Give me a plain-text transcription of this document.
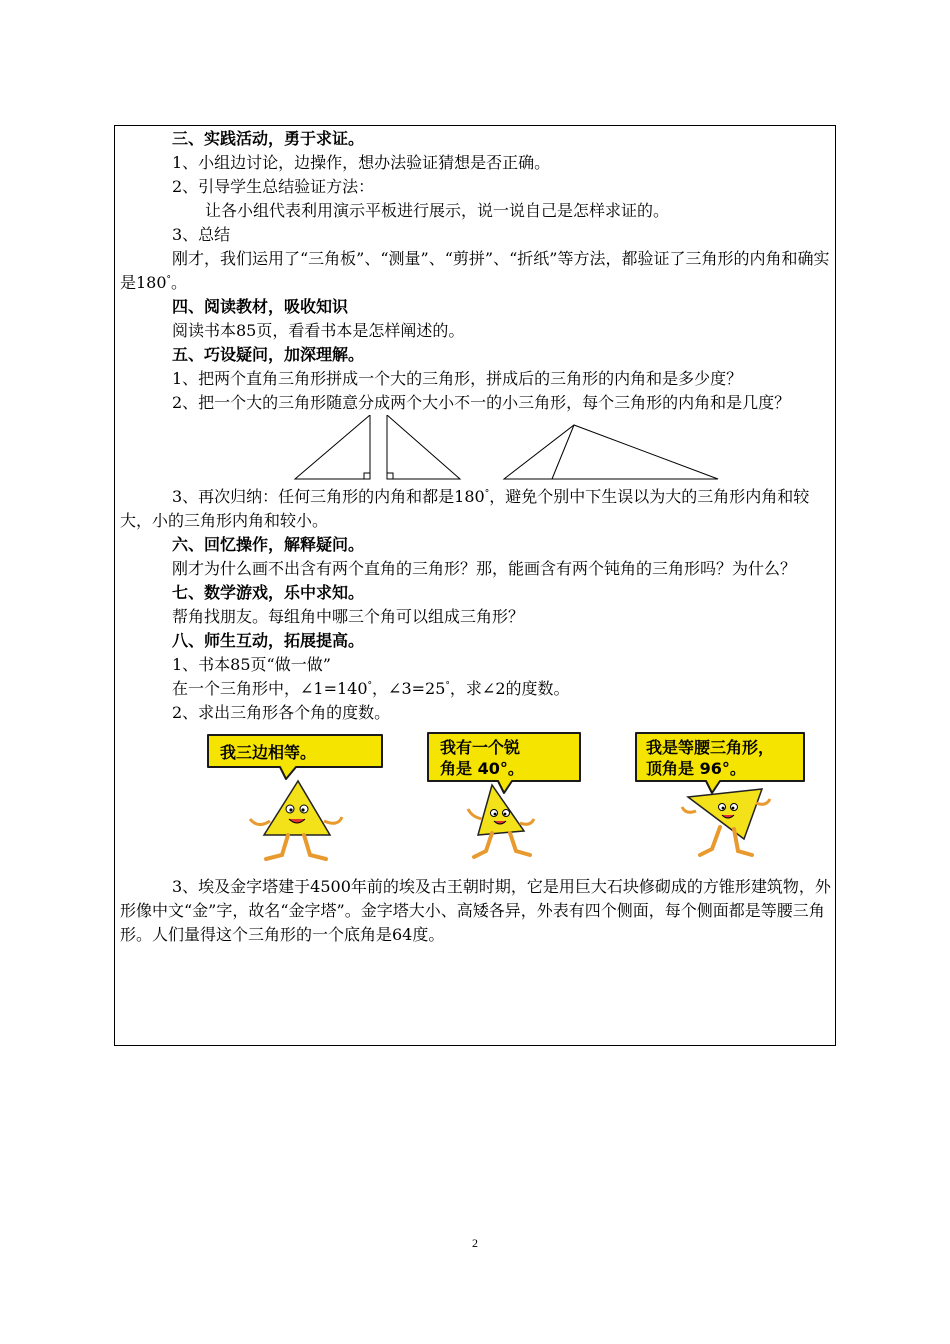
三、实践活动，勇于求证。

1、小组边讨论，边操作，想办法验证猜想是否正确。

2、引导学生总结验证方法：

让各小组代表利用演示平板进行展示，说一说自己是怎样求证的。

3、总结

刚才，我们运用了“三角板”、“测量”、“剪拼”、“折纸”等方法，都验证了三角形的内角和确实是180°。

四、阅读教材，吸收知识

阅读书本85页，看看书本是怎样阐述的。

五、巧设疑问，加深理解。

1、把两个直角三角形拼成一个大的三角形，拼成后的三角形的内角和是多少度？

2、把一个大的三角形随意分成两个大小不一的小三角形，每个三角形的内角和是几度？

3、再次归纳：任何三角形的内角和都是180°，避免个别中下生误以为大的三角形内角和较大，小的三角形内角和较小。

六、回忆操作，解释疑问。

刚才为什么画不出含有两个直角的三角形？那，能画含有两个钝角的三角形吗？为什么？

七、数学游戏，乐中求知。

帮角找朋友。每组角中哪三个角可以组成三角形？

八、师生互动，拓展提高。

1、书本85页“做一做”

在一个三角形中，∠1=140°，∠3=25°，求∠2的度数。

2、求出三角形各个角的度数。

我三边相等。	我有一个锐
角是 40°。
我是等腰三角形，
顶角是 96°。

3、埃及金字塔建于4500年前的埃及古王朝时期，它是用巨大石块修砌成的方锥形建筑物，外形像中文“金”字，故名“金字塔”。金字塔大小、高矮各异，外表有四个侧面，每个侧面都是等腰三角形。人们量得这个三角形的一个底角是64度。

2
